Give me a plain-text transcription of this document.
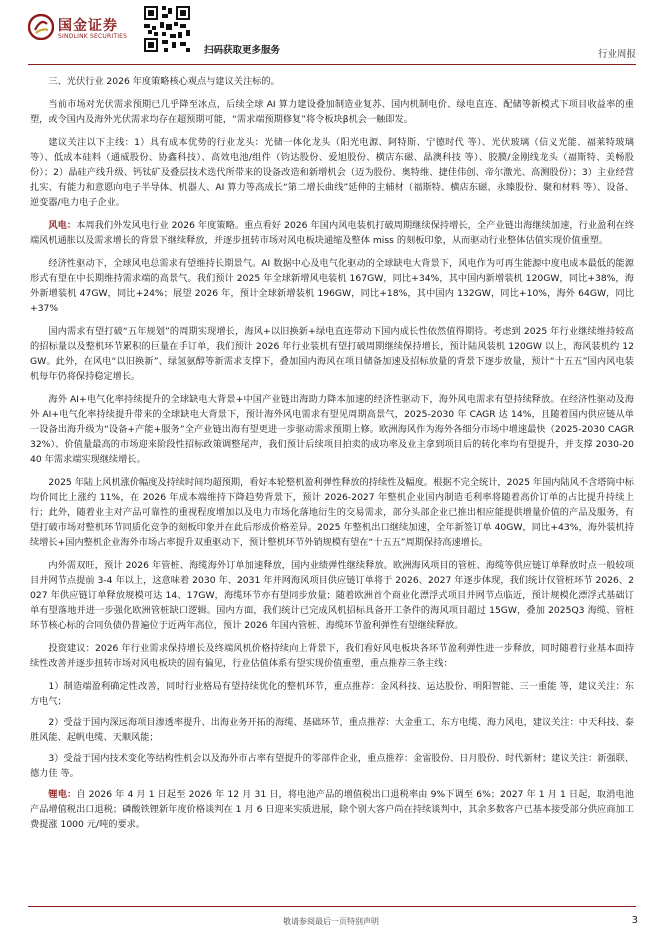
国金证券
SINOLINK SECURITIES
扫码获取更多服务	行业周报

三、光伏行业 2026 年度策略核心观点与建议关注标的。

当前市场对光伏需求预期已几乎降至冰点，后续全球 AI 算力建设叠加制造业复苏、国内机制电价、绿电直连、配储等新模式下项目收益率的重塑，或令国内及海外光伏需求均存在超预期可能，“需求端预期修复”将令板块β机会一触即发。

建议关注以下主线：1）具有成本优势的行业龙头：光储一体化龙头（阳光电源、阿特斯、宁德时代 等）、光伏玻璃（信义光能、福莱特玻璃 等）、低成本硅料（通威股份、协鑫科技）、高效电池/组件（钧达股份、爱旭股份、横店东磁、晶澳科技 等）、胶膜/金刚线龙头（福斯特、美畅股份）；2）晶硅产线升级、钙钛矿及叠层技术迭代所带来的设备改造和新增机会（迈为股份、奥特维、捷佳伟创、帝尔激光、高测股份）；3）主业经营扎实、有能力和意愿向电子半导体、机器人、AI 算力等高成长“第二增长曲线”延伸的主辅材（福斯特、横店东磁、永臻股份、聚和材料 等）、设备、逆变器/电力电子企业。

风电：本周我们外发风电行业 2026 年度策略。重点看好 2026 年国内风电装机打破周期继续保持增长，全产业链出海继续加速，行业盈利在终端风机通胀以及需求增长的背景下继续释放，并逐步扭转市场对风电板块通缩及整体 miss 的刻板印象，从而驱动行业整体估值实现价值重塑。

经济性驱动下，全球风电总需求有望维持长期景气。AI 数据中心及电气化驱动的全球缺电大背景下，风电作为可再生能源中度电成本最低的能源形式有望在中长期维持需求端的高景气。我们预计 2025 年全球新增风电装机 167GW，同比+34%，其中国内新增装机 120GW，同比+38%，海外新增装机 47GW，同比+24%；展望 2026 年，预计全球新增装机 196GW，同比+18%，其中国内 132GW，同比+10%，海外 64GW，同比+37%

国内需求有望打破“五年规划”的周期实现增长，海风+以旧换新+绿电直连带动下国内成长性依然值得期待。考虑到 2025 年行业继续维持较高的招标量以及整机环节累积的巨量在手订单，我们预计 2026 年行业装机有望打破周期继续保持增长，预计陆风装机 120GW 以上，海风装机约 12GW。此外，在风电“以旧换新”、绿氢氨醇等新需求支撑下，叠加国内海风在项目储备加速及招标放量的背景下逐步放量，预计“十五五”国内风电装机每年仍将保持稳定增长。

海外 AI+电气化率持续提升的全球缺电大背景+中国产业链出海助力降本加速的经济性驱动下，海外风电需求有望持续释放。在经济性驱动及海外 AI+电气化率持续提升带来的全球缺电大背景下，预计海外风电需求有望见周期高景气，2025-2030 年 CAGR 达 14%，且随着国内供应链从单一设备出海升级为“设备+产能+服务”全产业链出海有望更进一步驱动需求预期上修。欧洲海风作为海外各细分市场中增速最快（2025-2030 CAGR 32%）、价值量最高的市场迎来阶段性招标政策调整尾声，我们预计后续项目拍卖的成功率及业主拿到项目后的转化率均有望提升，并支撑 2030-2040 年需求端实现继续增长。

2025 年陆上风机涨价幅度及持续时间均超预期，看好本轮整机盈利弹性释放的持续性及幅度。根据不完全统计，2025 年国内陆风不含塔筒中标均价同比上涨约 11%，在 2026 年成本端维持下降趋势背景下，预计 2026-2027 年整机企业国内制造毛利率将随着高价订单的占比提升持续上行；此外，随着业主对产品可靠性的重视程度增加以及电力市场化落地衍生的交易需求，部分头部企业已推出相应能提供增量价值的产品及服务，有望打破市场对整机环节同质化竞争的刻板印象并在此后形成价格差异。2025 年整机出口继续加速，全年新签订单 40GW，同比+43%，海外装机持续增长+国内整机企业海外市场占率提升双重驱动下，预计整机环节外销规模有望在“十五五”周期保持高速增长。

内外需双旺，预计 2026 年管桩、海缆海外订单加速释放，国内业绩弹性继续释放。欧洲海风项目的管桩、海缆等供应链订单释放时点一般较项目并网节点提前 3-4 年以上，这意味着 2030 年、2031 年并网海风项目供应链订单将于 2026、2027 年逐步体现，我们统计仅管桩环节 2026、2027 年供应链订单释放规模可达 14、17GW，海缆环节亦有望同步放量；随着欧洲首个商业化漂浮式项目并网节点临近，预计规模化漂浮式基础订单有望落地并进一步强化欧洲管桩缺口逻辑。国内方面，我们统计已完成风机招标具备开工条件的海风项目超过 15GW，叠加 2025Q3 海缆、管桩环节核心标的合同负债仍普遍位于近两年高位，预计 2026 年国内管桩、海缆环节盈利弹性有望继续释放。

投资建议：2026 年行业需求保持增长及终端风机价格持续向上背景下，我们看好风电板块各环节盈利弹性进一步释放，同时随着行业基本面持续性改善并逐步扭转市场对风电板块的固有偏见，行业估值体系有望实现价值重塑，重点推荐三条主线：

1）制造端盈利确定性改善，同时行业格局有望持续优化的整机环节，重点推荐：金风科技、运达股份、明阳智能、三一重能 等，建议关注：东方电气；

2）受益于国内深远海项目渗透率提升、出海业务开拓的海缆、基础环节，重点推荐：大金重工、东方电缆、海力风电，建议关注：中天科技、泰胜风能、起帆电缆、天顺风能；

3）受益于国内技术变化等结构性机会以及海外市占率有望提升的零部件企业，重点推荐：金雷股份、日月股份、时代新材；建议关注：新强联、德力佳 等。

锂电：自 2026 年 4 月 1 日起至 2026 年 12 月 31 日，将电池产品的增值税出口退税率由 9%下调至 6%；2027 年 1 月 1 日起，取消电池产品增值税出口退税；磷酸铁锂新年度价格谈判在 1 月 6 日迎来实质进展，除个别大客户尚在持续谈判中，其余多数客户已基本接受部分供应商加工费提涨 1000 元/吨的要求。

敬请参阅最后一页特别声明	3
